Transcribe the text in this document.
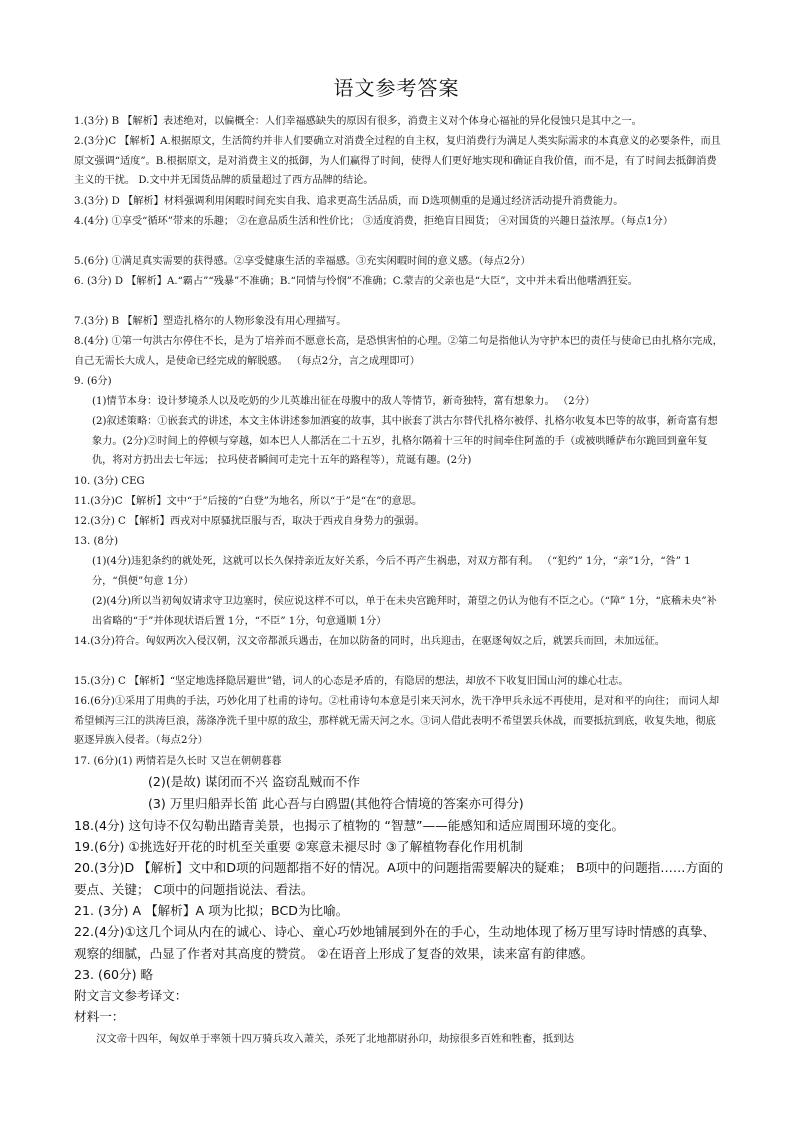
语文参考答案
1.(3分) B 【解析】表述绝对，以偏概全：人们幸福感缺失的原因有很多，消费主义对个体身心福祉的异化侵蚀只是其中之一。
2.(3分)C 【解析】A.根据原文，生活简约并非人们要确立对消费全过程的自主权，复归消费行为满足人类实际需求的本真意义的必要条件，而且原文强调“适度”。B.根据原文，是对消费主义的抵御，为人们赢得了时间，使得人们更好地实现和确证自我价值，而不是，有了时间去抵御消费主义的干扰。 D.文中并无国货品牌的质量超过了西方品牌的结论。
3.(3分) D 【解析】材料强调利用闲暇时间充实自我、追求更高生活品质，而 D选项侧重的是通过经济活动提升消费能力。
4.(4分) ①享受“循环”带来的乐趣； ②在意品质生活和性价比； ③适度消费，拒绝盲目囤货； ④对国货的兴趣日益浓厚。（每点1分）
5.(6分) ①满足真实需要的获得感。②享受健康生活的幸福感。③充实闲暇时间的意义感。（每点2分）
6. (3分) D 【解析】A.“霸占”“残暴”不准确；B.“同情与怜悯”不准确；C.蒙吉的父亲也是“大臣”，文中并未看出他嗜酒狂妄。
7.(3分) B 【解析】塑造扎格尔的人物形象没有用心理描写。
8.(4分) ①第一句洪古尔停住不长，是为了培养而不愿意长高，是恐惧害怕的心理。②第二句是指他认为守护本巴的责任与使命已由扎格尔完成，自己无需长大成人，是使命已经完成的解脱感。 （每点2分，言之成理即可）
9. (6分)
(1)情节本身：设计梦境杀人以及吃奶的少儿英雄出征在母腹中的敌人等情节，新奇独特，富有想象力。 （2分）
(2)叙述策略：①嵌套式的讲述，本文主体讲述参加酒宴的故事，其中嵌套了洪古尔替代扎格尔被俘、扎格尔收复本巴等的故事，新奇富有想象力。(2分)②时间上的停顿与穿越，如本巴人人都活在二十五岁，扎格尔隔着十三年的时间牵住阿盖的手（或被哄睡萨布尔跪回到童年复仇，将对方扔出去七年远； 拉玛使者瞬间可走完十五年的路程等），荒诞有趣。(2分)
10. (3分) CEG
11.(3分)C 【解析】文中“于”后接的“白登”为地名，所以“于”是“在”的意思。
12.(3分) C 【解析】西戎对中原骚扰臣服与否，取决于西戎自身势力的强弱。
13. (8分)
(1)(4分)违犯条约的就处死，这就可以长久保持亲近友好关系，今后不再产生祸患，对双方都有利。 （“犯约” 1分，“亲”1分，“咎” 1分，“俱便”句意 1分）
(2)(4分)所以当初匈奴请求守卫边塞时，侯应说这样不可以，单于在未央宫跪拜时，萧望之仍认为他有不臣之心。（“障” 1分，“底稽未央”补出省略的“于”并体现状语后置 1分，“不臣” 1分，句意通顺 1分）
14.(3分)符合。匈奴两次入侵汉朝，汉文帝都派兵遇击，在加以防备的同时，出兵迎击，在驱逐匈奴之后，就罢兵而回，未加远征。
15.(3分) C 【解析】“坚定地选择隐居避世”错，词人的心态是矛盾的，有隐居的想法，却放不下收复旧国山河的雄心壮志。
16.(6分)①采用了用典的手法，巧妙化用了杜甫的诗句。②杜甫诗句本意是引来天河水，洗干净甲兵永远不再使用，是对和平的向往； 而词人却希望倾泻三江的洪涛巨浪，荡涤净洗千里中原的敌尘，那样就无需天河之水。③词人借此表明不希望罢兵休战，而要抵抗到底，收复失地，彻底驱逐异族入侵者。（每点2分）
17. (6分)(1) 两情若是久长时 又岂在朝朝暮暮
(2)(是故) 谋闭而不兴 盗窃乱贼而不作
(3) 万里归船弄长笛 此心吾与白鸥盟(其他符合情境的答案亦可得分)
18.(4分) 这句诗不仅勾勒出踏青美景，也揭示了植物的 “智慧”——能感知和适应周围环境的变化。
19.(6分) ①挑选好开花的时机至关重要 ②寒意未褪尽时 ③了解植物春化作用机制
20.(3分)D 【解析】文中和D项的问题都指不好的情况。A项中的问题指需要解决的疑难； B项中的问题指……方面的要点、关键； C项中的问题指说法、看法。
21. (3分) A 【解析】A 项为比拟；BCD为比喻。
22.(4分)①这几个词从内在的诚心、诗心、童心巧妙地铺展到外在的手心，生动地体现了杨万里写诗时情感的真挚、观察的细腻，凸显了作者对其高度的赞赏。 ②在语音上形成了复沓的效果，读来富有韵律感。
23. (60分) 略
附文言文参考译文：
材料一：
汉文帝十四年，匈奴单于率领十四万骑兵攻入萧关，杀死了北地都尉孙卬，劫掠很多百姓和牲畜，抵到达
